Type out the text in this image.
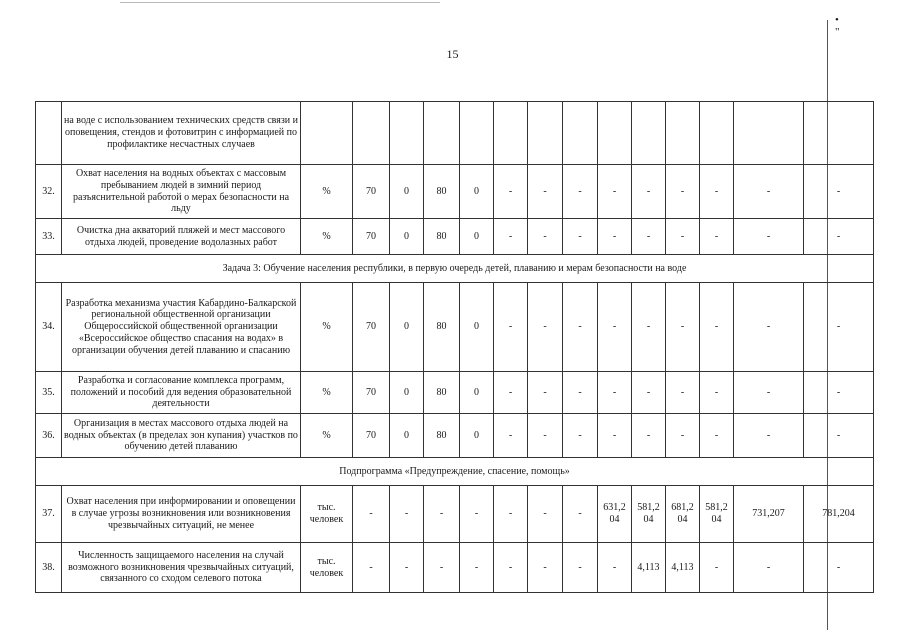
• "
15
	на воде с использованием технических средств связи и оповещения, стендов и фотовитрин с информацией по профилактике несчастных случаев														
32.	Охват населения на водных объектах с массовым пребыванием людей в зимний период разъяснительной работой о мерах безопасности на льду	%	70	0	80	0	-	-	-	-	-	-	-	-	-
33.	Очистка дна акваторий пляжей и мест массового отдыха людей, проведение водолазных работ	%	70	0	80	0	-	-	-	-	-	-	-	-	-
Задача 3: Обучение населения республики, в первую очередь детей, плаванию и мерам безопасности на воде															
34.	Разработка механизма участия Кабардино-Балкарской региональной общественной организации Общероссийской общественной организации «Всероссийское общество спасания на водах» в организации обучения детей плаванию и спасанию	%	70	0	80	0	-	-	-	-	-	-	-	-	-
35.	Разработка и согласование комплекса программ, положений и пособий для ведения образовательной деятельности	%	70	0	80	0	-	-	-	-	-	-	-	-	-
36.	Организация в местах массового отдыха людей на водных объектах (в пределах зон купания) участков по обучению детей плаванию	%	70	0	80	0	-	-	-	-	-	-	-	-	-
Подпрограмма «Предупреждение, спасение, помощь»															
37.	Охват населения при информировании и оповещении в случае угрозы возникновения или возникновения чрезвычайных ситуаций, не менее	тыс. человек	-	-	-	-	-	-	-	631,2 04	581,2 04	681,2 04	581,2 04	731,207	781,204
38.	Численность защищаемого населения на случай возможного возникновения чрезвычайных ситуаций, связанного со сходом селевого потока	тыс. человек	-	-	-	-	-	-	-	-	4,113	4,113	-	-	-
